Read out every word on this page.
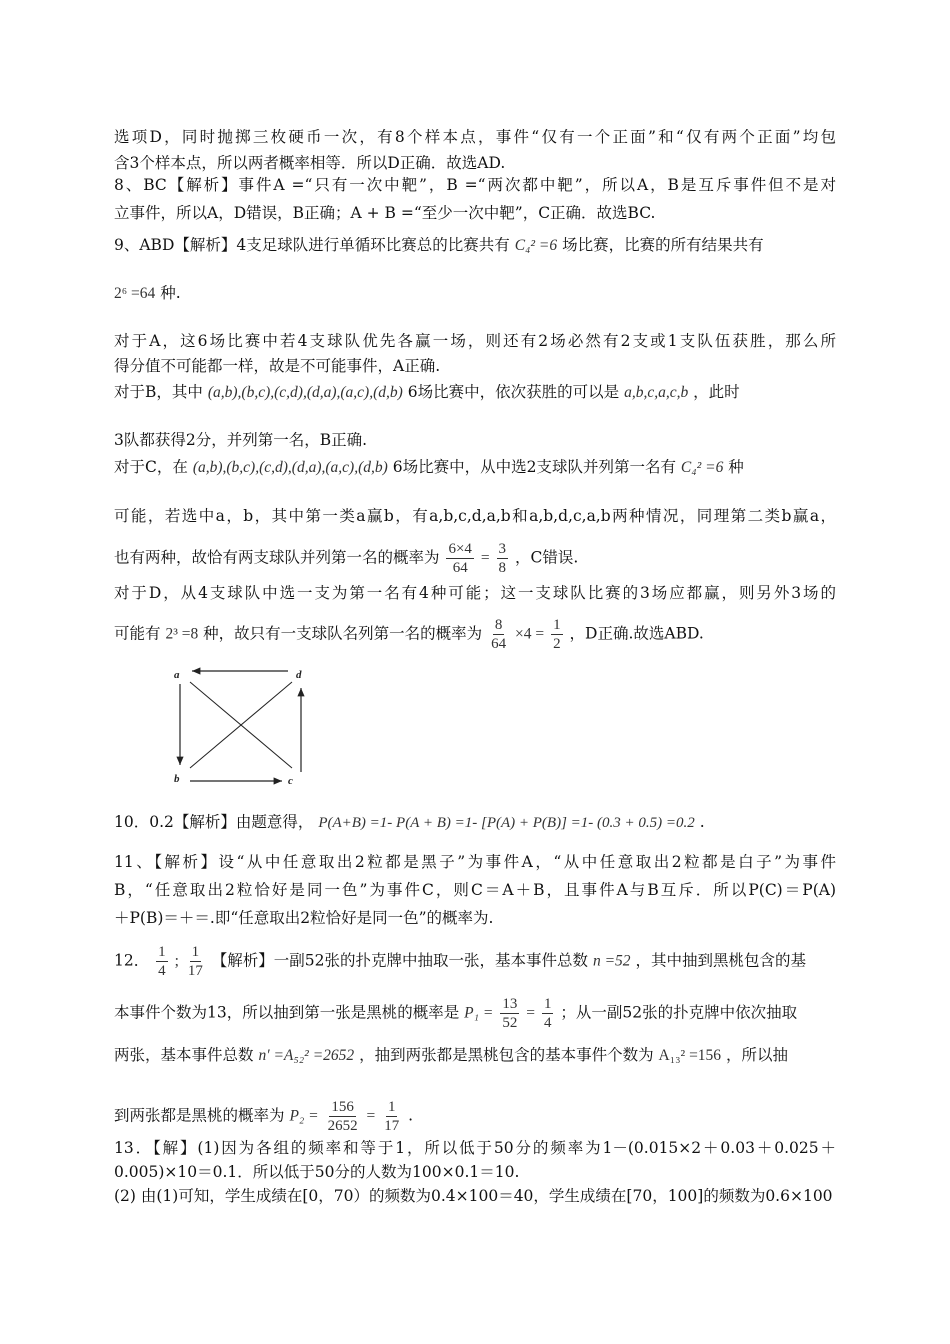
选项D，同时抛掷三枚硬币一次，有8个样本点，事件“仅有一个正面”和“仅有两个正面”均包
含3个样本点，所以两者概率相等．所以D正确．故选AD.
8、BC【解析】事件A =“只有一次中靶”，B =“两次都中靶”，所以A，B是互斥事件但不是对
立事件，所以A，D错误，B正确；A + B =“至少一次中靶”，C正确．故选BC.
9、ABD【解析】4支足球队进行单循环比赛总的比赛共有 C₄² =6 场比赛，比赛的所有结果共有
2⁶ =64 种.
对于A，这6场比赛中若4支球队优先各赢一场，则还有2场必然有2支或1支队伍获胜，那么所
得分值不可能都一样，故是不可能事件，A正确.
对于B，其中 (a,b),(b,c),(c,d),(d,a),(a,c),(d,b) 6场比赛中，依次获胜的可以是 a,b,c,a,c,b ，此时
3队都获得2分，并列第一名，B正确.
对于C，在 (a,b),(b,c),(c,d),(d,a),(a,c),(d,b) 6场比赛中，从中选2支球队并列第一名有 C₄² =6 种
可能，若选中a，b，其中第一类a赢b，有a,b,c,d,a,b和a,b,d,c,a,b两种情况，同理第二类b赢a，
也有两种，故恰有两支球队并列第一名的概率为 $\frac{6\times 4}{64} = \frac{3}{8}$ ，C错误.
对于D，从4支球队中选一支为第一名有4种可能；这一支球队比赛的3场应都赢，则另外3场的
可能有 2³ =8 种，故只有一支球队名列第一名的概率为 $\frac{8}{64} \times 4 = \frac{1}{2}$ ，D正确.故选ABD.
a	d
b	c
10．0.2【解析】由题意得， P(A+B) =1- P(A + B) =1- [P(A) + P(B)] =1- (0.3 + 0.5) =0.2 .
11、【解析】设“从中任意取出2粒都是黑子”为事件A，“从中任意取出2粒都是白子”为事件
B，“任意取出2粒恰好是同一色”为事件C，则C＝A＋B，且事件A与B互斥．所以P(C)＝P(A)
＋P(B)＝＋＝.即“任意取出2粒恰好是同一色”的概率为.
12． $\frac{1}{4}$ ; $\frac{1}{17}$ 【解析】一副52张的扑克牌中抽取一张，基本事件总数 n =52 ，其中抽到黑桃包含的基
本事件个数为13，所以抽到第一张是黑桃的概率是 $P_1 = \frac{13}{52} = \frac{1}{4}$ ；从一副52张的扑克牌中依次抽取
两张，基本事件总数 n′ =A₅₂² =2652 ，抽到两张都是黑桃包含的基本事件个数为 A₁₃² =156 ，所以抽
到两张都是黑桃的概率为 $P_2 = \frac{156}{2652} = \frac{1}{17}$ .
13．【解】(1)因为各组的频率和等于1，所以低于50分的频率为1－(0.015×2＋0.03＋0.025＋
0.005)×10＝0.1．所以低于50分的人数为100×0.1＝10.
(2) 由(1)可知，学生成绩在[0，70）的频数为0.4×100＝40，学生成绩在[70，100]的频数为0.6×100
